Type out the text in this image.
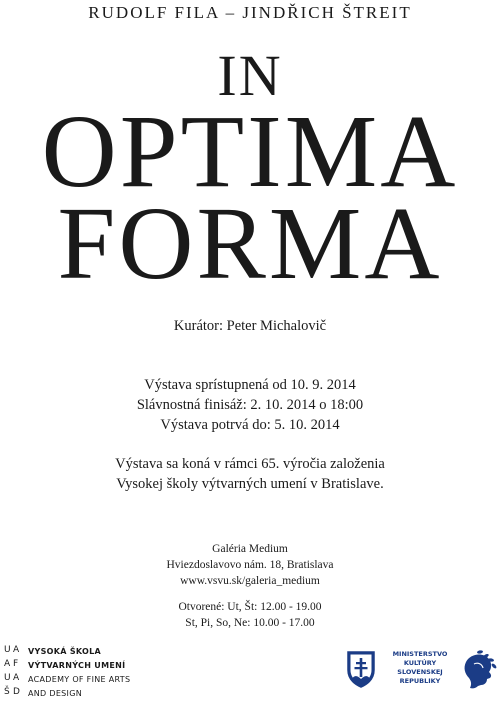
RUDOLF FILA – JINDŘICH ŠTREIT
IN
OPTIMA
FORMA
Kurátor: Peter Michalovič
Výstava sprístupnená od 10. 9. 2014
Slávnostná finisáž: 2. 10. 2014 o 18:00
Výstava potrvá do: 5. 10. 2014
Výstava sa koná v rámci 65. výročia založenia
Vysokej školy výtvarných umení v Bratislave.
Galéria Medium
Hviezdoslavovo nám. 18, Bratislava
www.vsvu.sk/galeria_medium
Otvorené: Ut, Št: 12.00 - 19.00
St, Pi, So, Ne: 10.00 - 17.00
U A
A F
U A
Š D
VYSOKÁ ŠKOLA
VÝTVARNÝCH UMENÍ
ACADEMY OF FINE ARTS
AND DESIGN
MINISTERSTVO
KULTÚRY
SLOVENSKEJ
REPUBLIKY
